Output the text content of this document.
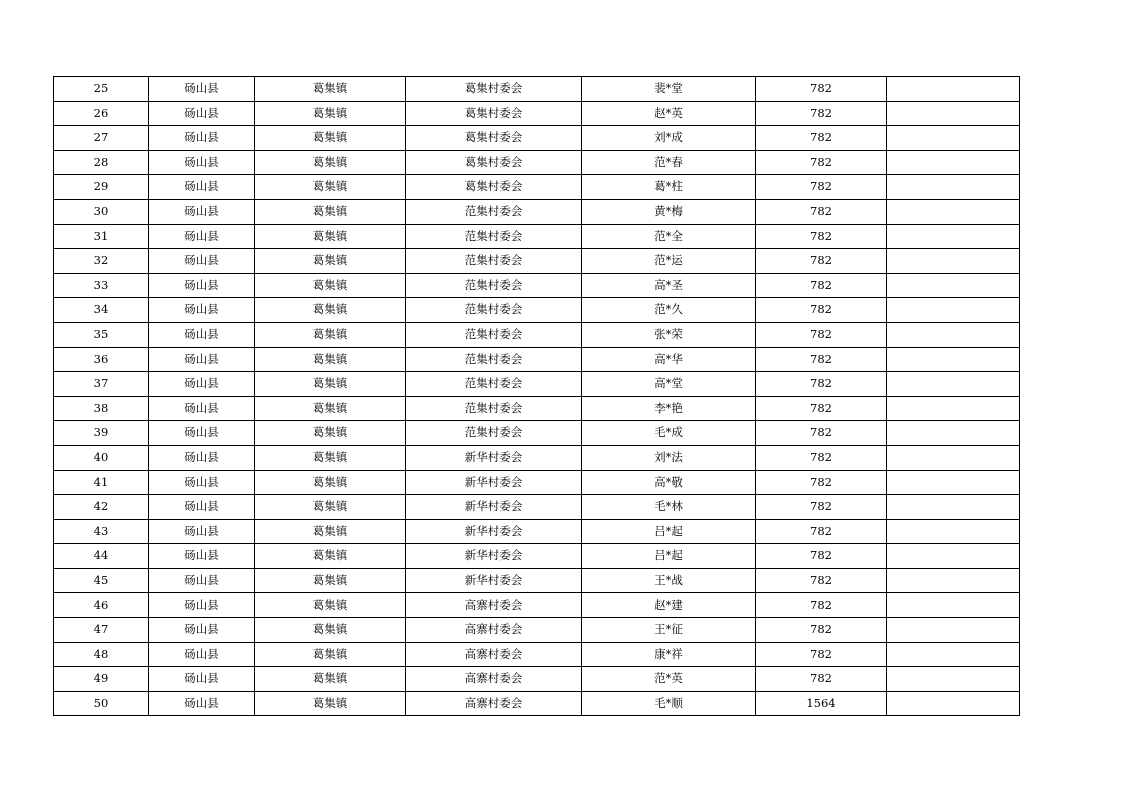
25	砀山县	葛集镇	葛集村委会	裴*堂	782	
26	砀山县	葛集镇	葛集村委会	赵*英	782	
27	砀山县	葛集镇	葛集村委会	刘*成	782	
28	砀山县	葛集镇	葛集村委会	范*春	782	
29	砀山县	葛集镇	葛集村委会	葛*柱	782	
30	砀山县	葛集镇	范集村委会	黄*梅	782	
31	砀山县	葛集镇	范集村委会	范*全	782	
32	砀山县	葛集镇	范集村委会	范*运	782	
33	砀山县	葛集镇	范集村委会	高*圣	782	
34	砀山县	葛集镇	范集村委会	范*久	782	
35	砀山县	葛集镇	范集村委会	张*荣	782	
36	砀山县	葛集镇	范集村委会	高*华	782	
37	砀山县	葛集镇	范集村委会	高*堂	782	
38	砀山县	葛集镇	范集村委会	李*艳	782	
39	砀山县	葛集镇	范集村委会	毛*成	782	
40	砀山县	葛集镇	新华村委会	刘*法	782	
41	砀山县	葛集镇	新华村委会	高*敬	782	
42	砀山县	葛集镇	新华村委会	毛*林	782	
43	砀山县	葛集镇	新华村委会	吕*起	782	
44	砀山县	葛集镇	新华村委会	吕*起	782	
45	砀山县	葛集镇	新华村委会	王*战	782	
46	砀山县	葛集镇	高寨村委会	赵*建	782	
47	砀山县	葛集镇	高寨村委会	王*征	782	
48	砀山县	葛集镇	高寨村委会	康*祥	782	
49	砀山县	葛集镇	高寨村委会	范*英	782	
50	砀山县	葛集镇	高寨村委会	毛*顺	1564	
